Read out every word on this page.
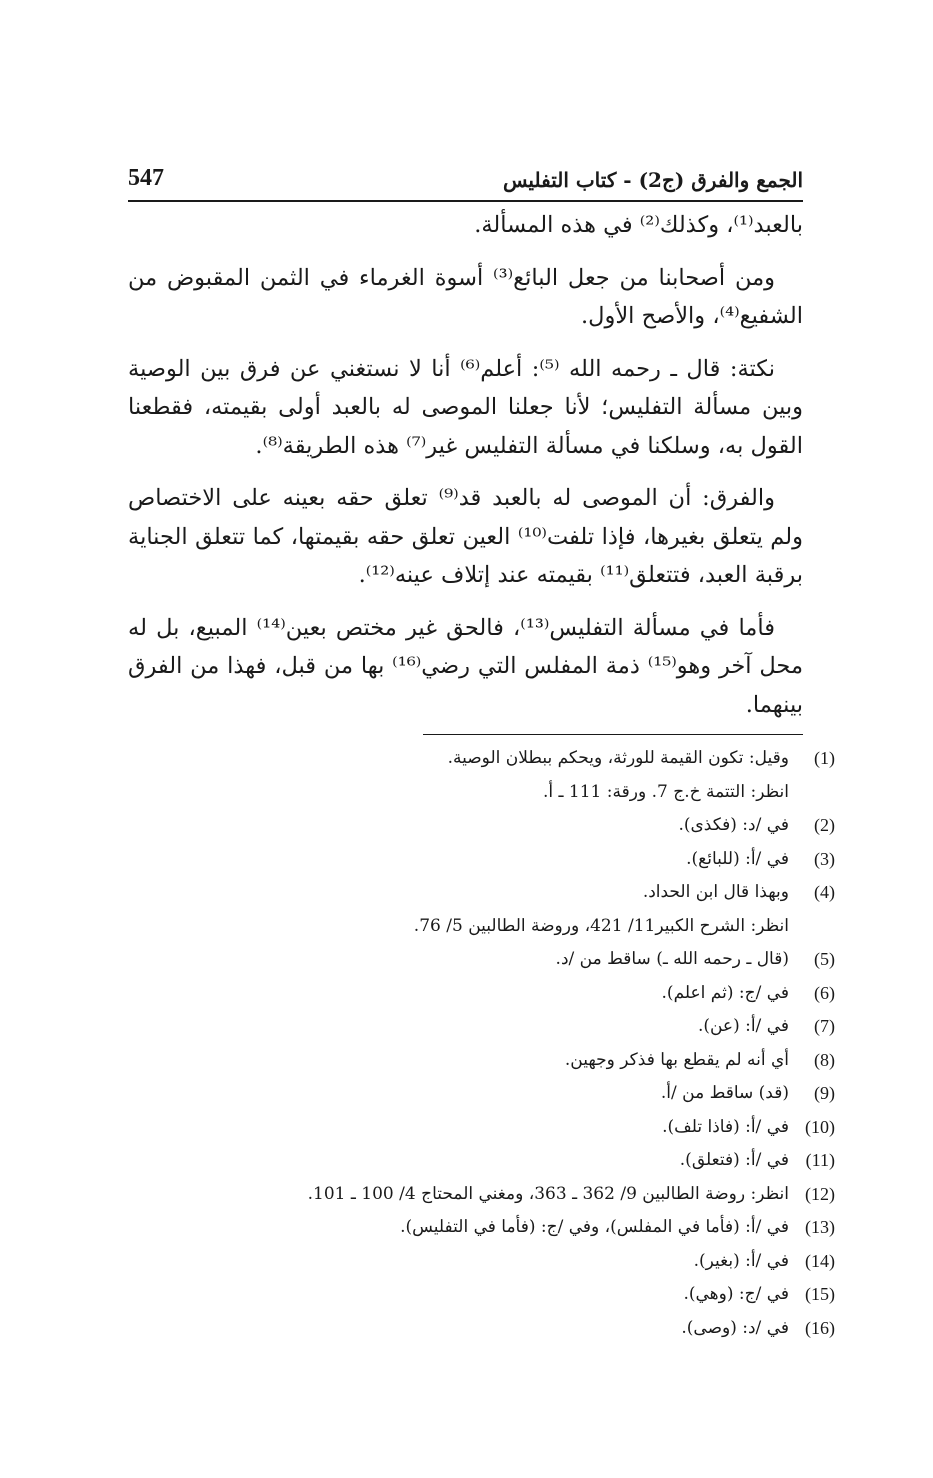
547	الجمع والفرق (ج2) - كتاب التفليس

بالعبد⁽¹⁾، وكذلك⁽²⁾ في هذه المسألة.

ومن أصحابنا من جعل البائع⁽³⁾ أسوة الغرماء في الثمن المقبوض من الشفيع⁽⁴⁾، والأصح الأول.

نكتة: قال ـ رحمه الله ⁽⁵⁾: أعلم⁽⁶⁾ أنا لا نستغني عن فرق بين الوصية وبين مسألة التفليس؛ لأنا جعلنا الموصى له بالعبد أولى بقيمته، فقطعنا القول به، وسلكنا في مسألة التفليس غير⁽⁷⁾ هذه الطريقة⁽⁸⁾.

والفرق: أن الموصى له بالعبد قد⁽⁹⁾ تعلق حقه بعينه على الاختصاص ولم يتعلق بغيرها، فإذا تلفت⁽¹⁰⁾ العين تعلق حقه بقيمتها، كما تتعلق الجناية برقبة العبد، فتتعلق⁽¹¹⁾ بقيمته عند إتلاف عينه⁽¹²⁾.

فأما في مسألة التفليس⁽¹³⁾، فالحق غير مختص بعين⁽¹⁴⁾ المبيع، بل له محل آخر وهو⁽¹⁵⁾ ذمة المفلس التي رضي⁽¹⁶⁾ بها من قبل، فهذا من الفرق بينهما.

(1)
وقيل: تكون القيمة للورثة، ويحكم ببطلان الوصية.
انظر: التتمة خ.ج 7. ورقة: 111 ـ أ.
(2)
في /د: (فكذى).
(3)
في /أ: (للبائع).
(4)
وبهذا قال ابن الحداد.
انظر: الشرح الكبير11/ 421، وروضة الطالبين 5/ 76.
(5)
(قال ـ رحمه الله ـ) ساقط من /د.
(6)
في /ج: (ثم اعلم).
(7)
في /أ: (عن).
(8)
أي أنه لم يقطع بها فذكر وجهين.
(9)
(قد) ساقط من /أ.
(10)
في /أ: (فاذا تلف).
(11)
في /أ: (فتعلق).
(12)
انظر: روضة الطالبين 9/ 362 ـ 363، ومغني المحتاج 4/ 100 ـ 101.
(13)
في /أ: (فأما في المفلس)، وفي /ج: (فأما في التفليس).
(14)
في /أ: (بغير).
(15)
في /ج: (وهي).
(16)
في /د: (وصى).
